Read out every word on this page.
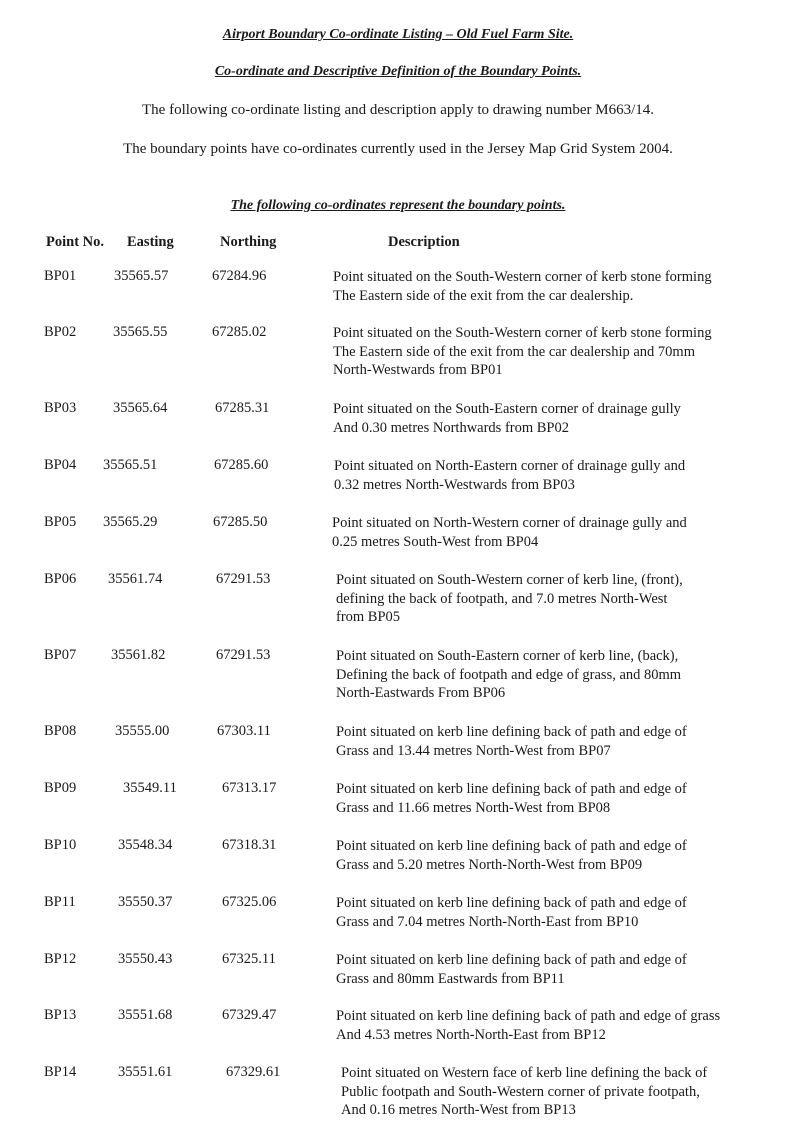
Airport Boundary Co-ordinate Listing – Old Fuel Farm Site.
Co-ordinate and Descriptive Definition of the Boundary Points.
The following co-ordinate listing and description apply to drawing number M663/14.
The boundary points have co-ordinates currently used in the Jersey Map Grid System 2004.
The following co-ordinates represent the boundary points.
Point No. Easting	Northing	Description
BP01	35565.57	67284.96	Point situated on the South-Western corner of kerb stone forming
The Eastern side of the exit from the car dealership.
BP02	35565.55	67285.02	Point situated on the South-Western corner of kerb stone forming
The Eastern side of the exit from the car dealership and 70mm
North-Westwards from BP01
BP03	35565.64	67285.31	Point situated on the South-Eastern corner of drainage gully
And 0.30 metres Northwards from BP02
BP04 35565.51	67285.60	Point situated on North-Eastern corner of drainage gully and
0.32 metres North-Westwards from BP03
BP05 35565.29	67285.50	Point situated on North-Western corner of drainage gully and
0.25 metres South-West from BP04
BP06 35561.74	67291.53	Point situated on South-Western corner of kerb line, (front),
defining the back of footpath, and 7.0 metres North-West
from BP05
BP07 35561.82	67291.53	Point situated on South-Eastern corner of kerb line, (back),
Defining the back of footpath and edge of grass, and 80mm
North-Eastwards From BP06
BP08	35555.00	67303.11	Point situated on kerb line defining back of path and edge of
Grass and 13.44 metres North-West from BP07
BP09	35549.11	67313.17	Point situated on kerb line defining back of path and edge of
Grass and 11.66 metres North-West from BP08
BP10	35548.34	67318.31	Point situated on kerb line defining back of path and edge of
Grass and 5.20 metres North-North-West from BP09
BP11	35550.37	67325.06	Point situated on kerb line defining back of path and edge of
Grass and 7.04 metres North-North-East from BP10
BP12	35550.43	67325.11	Point situated on kerb line defining back of path and edge of
Grass and 80mm Eastwards from BP11
BP13	35551.68	67329.47	Point situated on kerb line defining back of path and edge of grass
And 4.53 metres North-North-East from BP12
BP14	35551.61	67329.61	Point situated on Western face of kerb line defining the back of
Public footpath and South-Western corner of private footpath,
And 0.16 metres North-West from BP13
